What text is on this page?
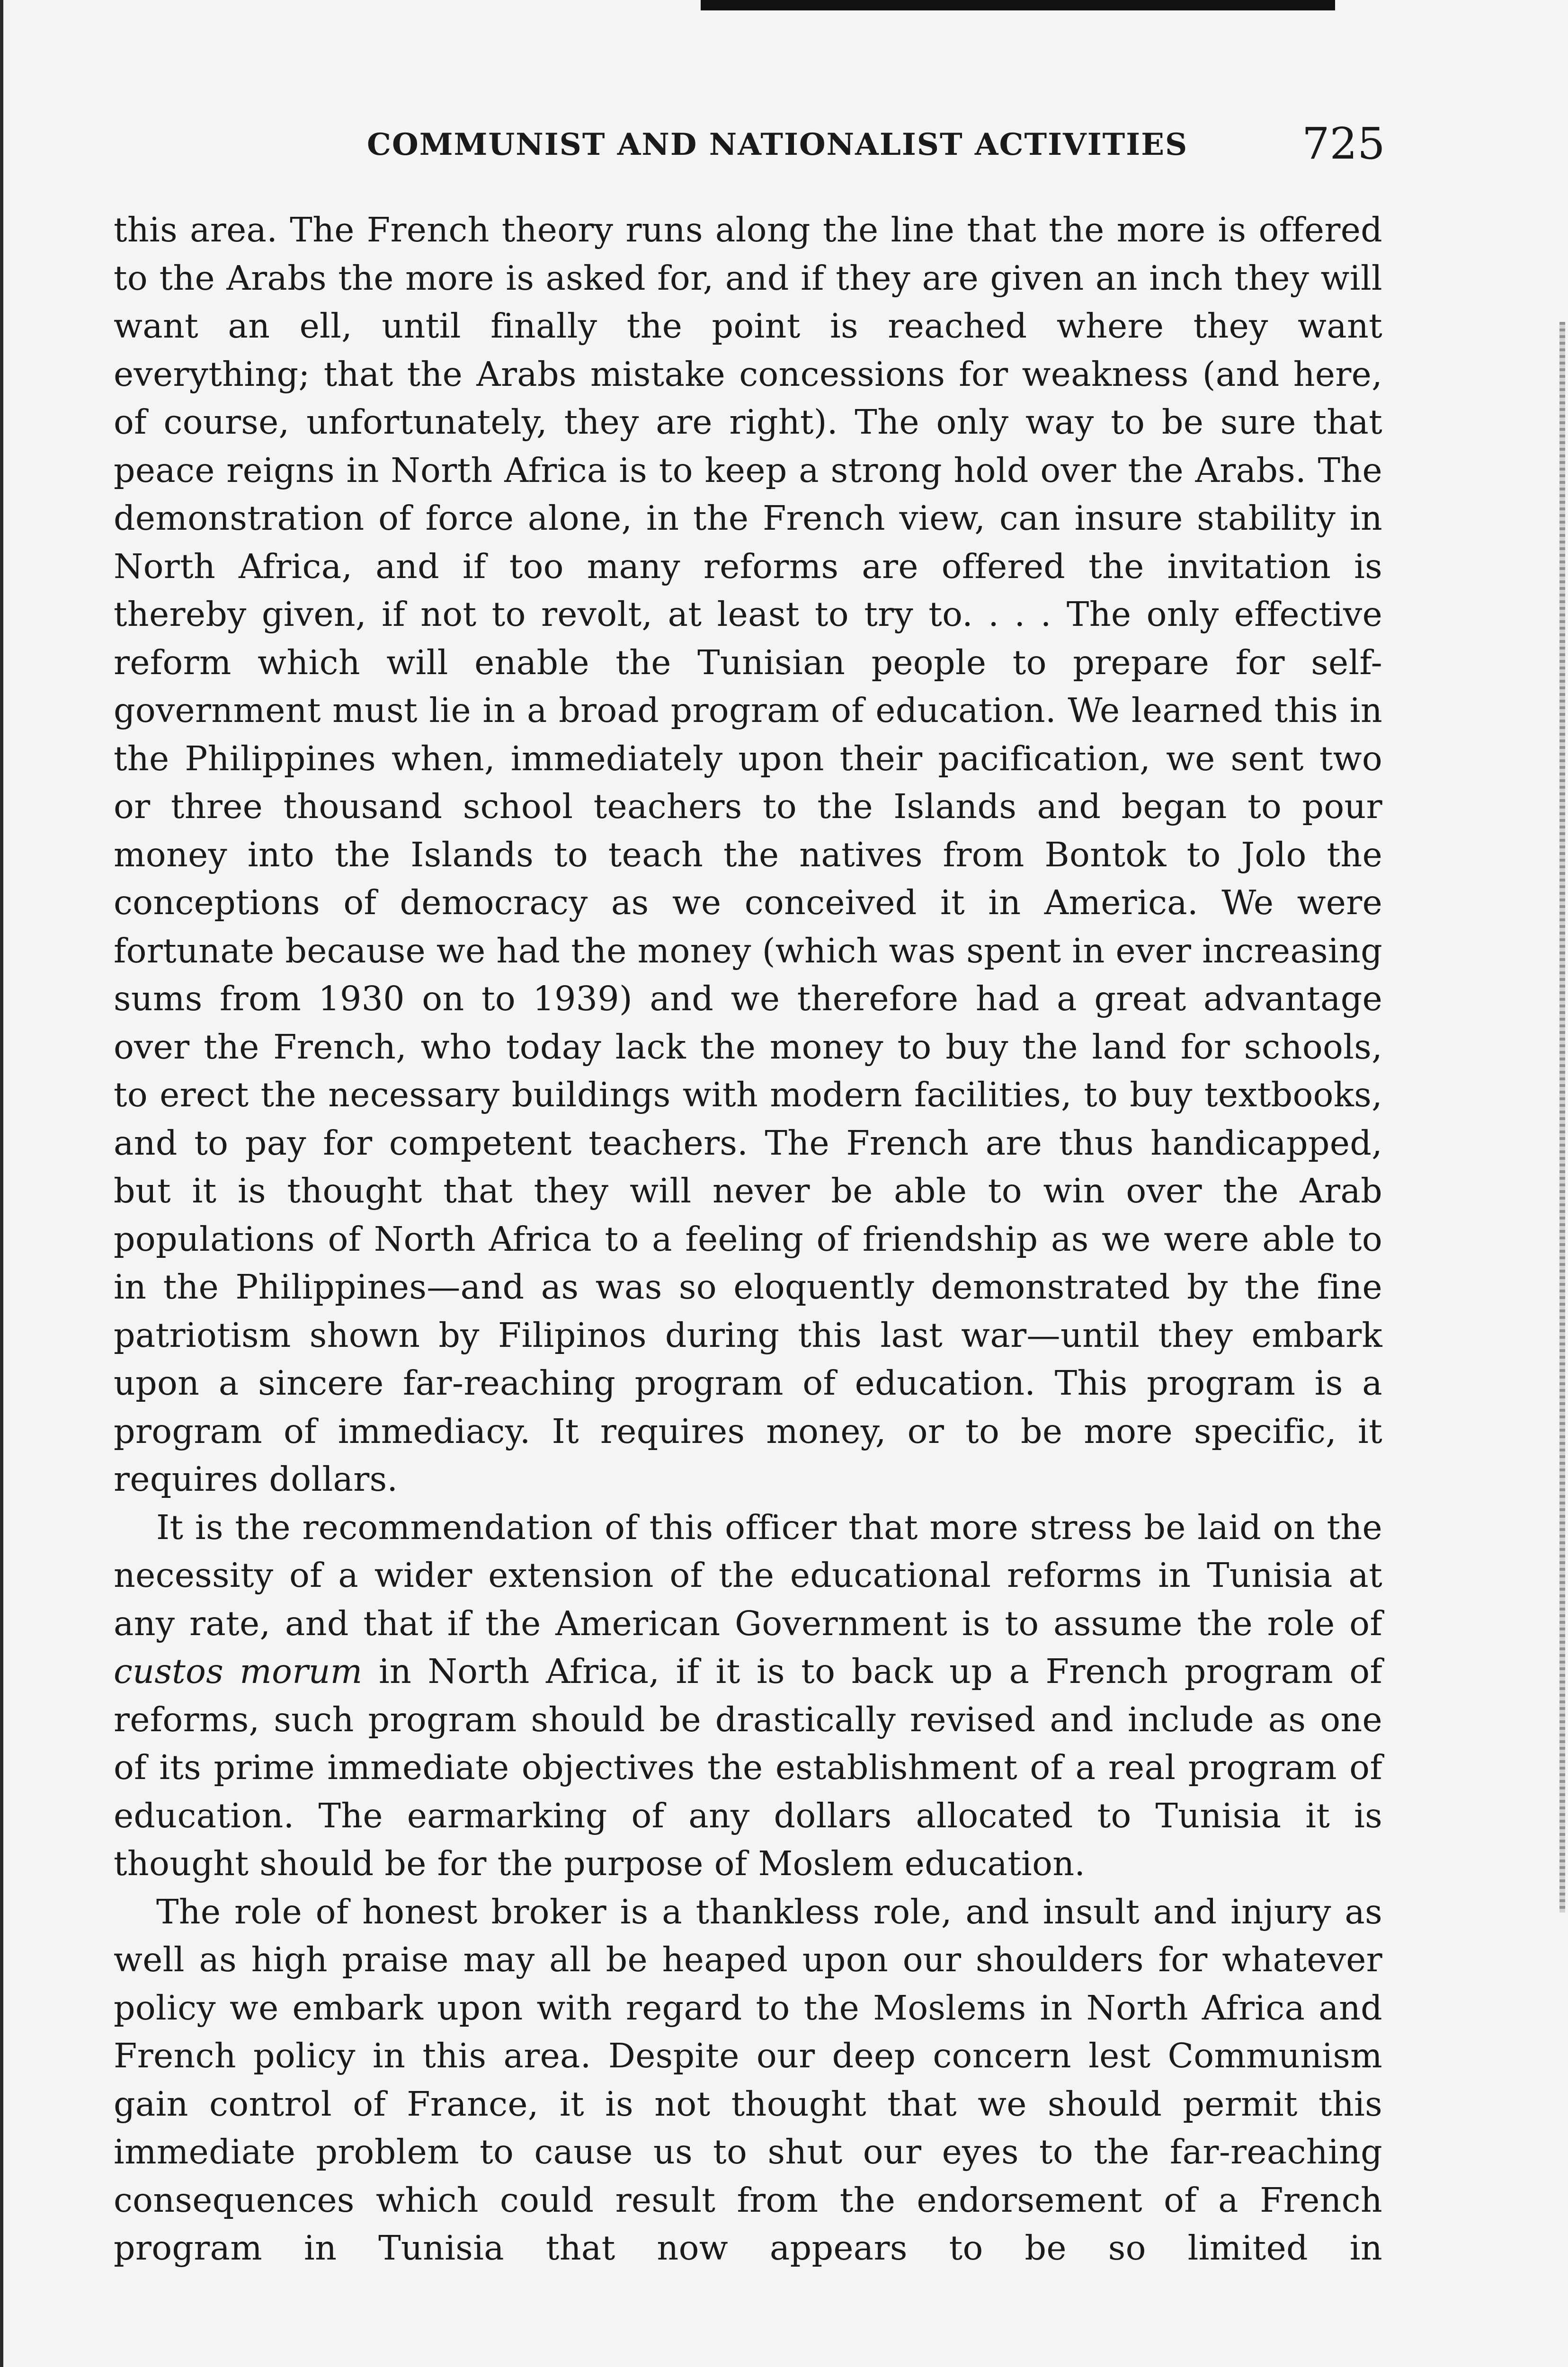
COMMUNIST AND NATIONALIST ACTIVITIES	725

this area. The French theory runs along the line that the more is offered to the Arabs the more is asked for, and if they are given an inch they will want an ell, until finally the point is reached where they want everything; that the Arabs mistake concessions for weakness (and here, of course, unfortunately, they are right). The only way to be sure that peace reigns in North Africa is to keep a strong hold over the Arabs. The demonstration of force alone, in the French view, can insure stability in North Africa, and if too many reforms are offered the invitation is thereby given, if not to revolt, at least to try to. . . . The only effective reform which will enable the Tunisian people to prepare for self-government must lie in a broad program of education. We learned this in the Philippines when, immediately upon their pacification, we sent two or three thousand school teachers to the Islands and began to pour money into the Islands to teach the natives from Bontok to Jolo the conceptions of democracy as we conceived it in America. We were fortunate because we had the money (which was spent in ever increasing sums from 1930 on to 1939) and we therefore had a great advantage over the French, who today lack the money to buy the land for schools, to erect the necessary buildings with modern facilities, to buy textbooks, and to pay for competent teachers. The French are thus handicapped, but it is thought that they will never be able to win over the Arab populations of North Africa to a feeling of friendship as we were able to in the Philippines—and as was so eloquently demonstrated by the fine patriotism shown by Filipinos during this last war—until they embark upon a sincere far-reaching program of education. This program is a program of immediacy. It requires money, or to be more specific, it requires dollars.

It is the recommendation of this officer that more stress be laid on the necessity of a wider extension of the educational reforms in Tunisia at any rate, and that if the American Government is to assume the role of custos morum in North Africa, if it is to back up a French program of reforms, such program should be drastically revised and include as one of its prime immediate objectives the establishment of a real program of education. The earmarking of any dollars allocated to Tunisia it is thought should be for the purpose of Moslem education.

The role of honest broker is a thankless role, and insult and injury as well as high praise may all be heaped upon our shoulders for whatever policy we embark upon with regard to the Moslems in North Africa and French policy in this area. Despite our deep concern lest Communism gain control of France, it is not thought that we should permit this immediate problem to cause us to shut our eyes to the far-reaching consequences which could result from the endorsement of a French program in Tunisia that now appears to be so limited in
